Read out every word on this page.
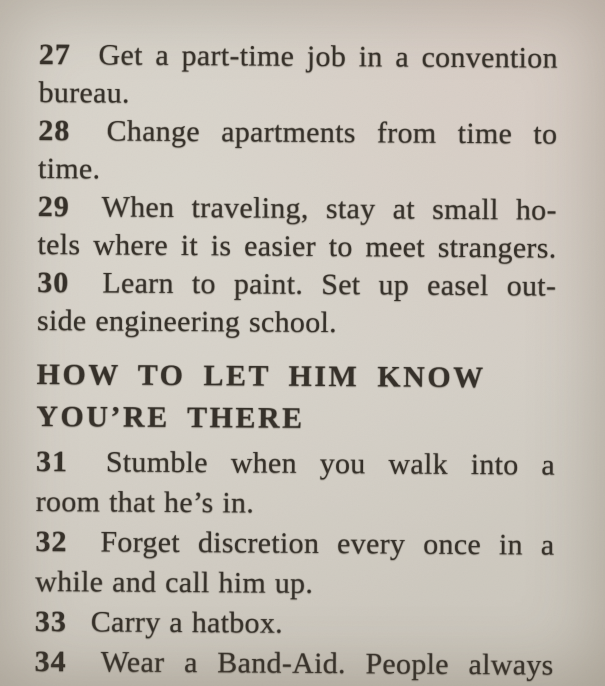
27 Get a part-time job in a convention
bureau.
28 Change apartments from time to
time.
29 When traveling, stay at small ho-
tels where it is easier to meet strangers.
30 Learn to paint. Set up easel out-
side engineering school.
HOW TO LET HIM KNOW
YOU’RE THERE
31 Stumble when you walk into a
room that he’s in.
32 Forget discretion every once in a
while and call him up.
33 Carry a hatbox.
34 Wear a Band-Aid. People always
